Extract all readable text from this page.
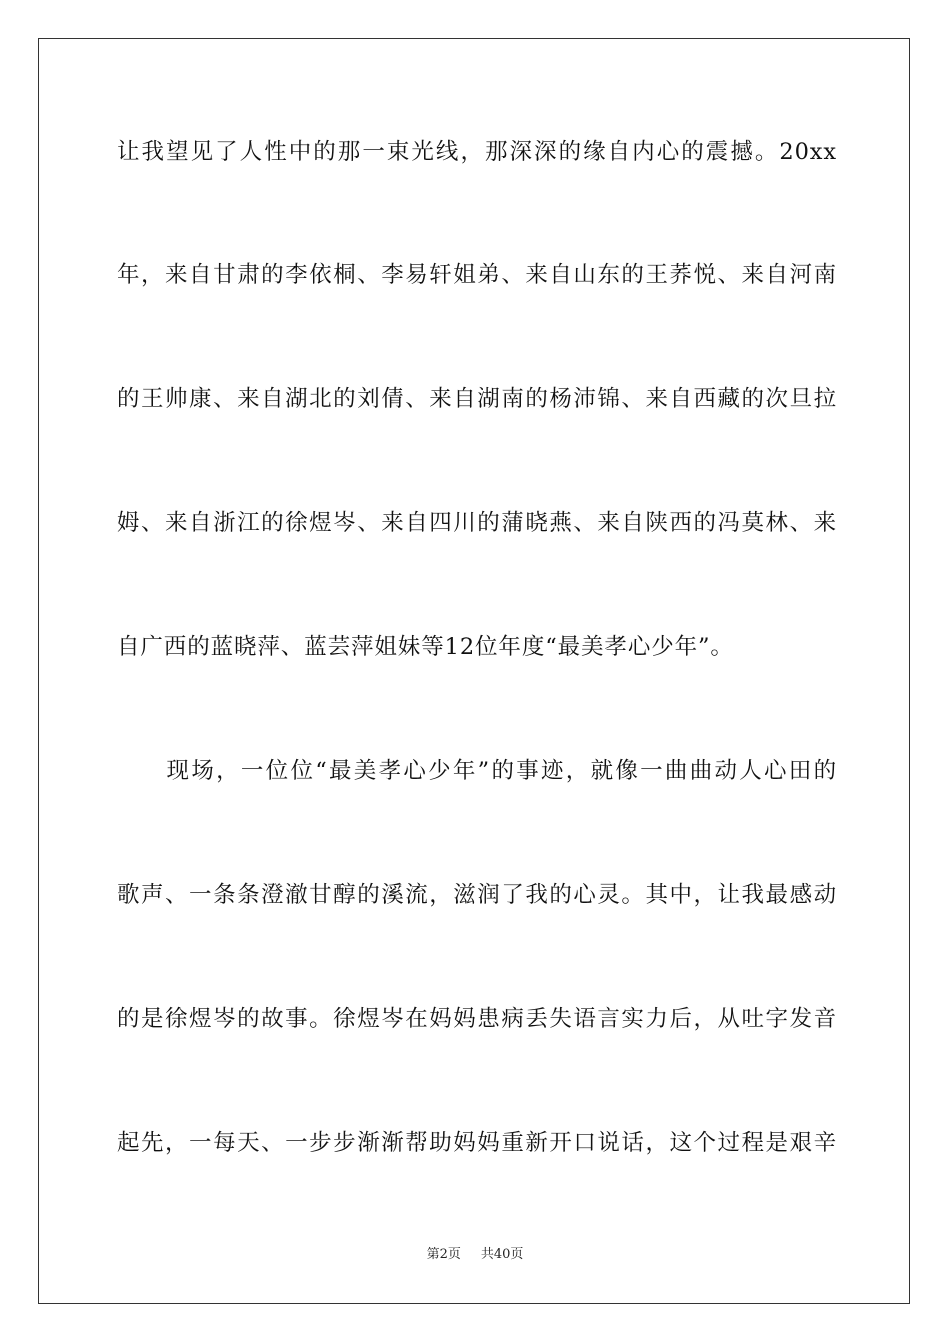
让我望见了人性中的那一束光线，那深深的缘自内心的震撼。20xx
年，来自甘肃的李依桐、李易轩姐弟、来自山东的王荞悦、来自河南
的王帅康、来自湖北的刘倩、来自湖南的杨沛锦、来自西藏的次旦拉
姆、来自浙江的徐煜岑、来自四川的蒲晓燕、来自陕西的冯莫林、来
自广西的蓝晓萍、蓝芸萍姐妹等12位年度“最美孝心少年”。
　　现场，一位位“最美孝心少年”的事迹，就像一曲曲动人心田的
歌声、一条条澄澈甘醇的溪流，滋润了我的心灵。其中，让我最感动
的是徐煜岑的故事。徐煜岑在妈妈患病丢失语言实力后，从吐字发音
起先，一每天、一步步渐渐帮助妈妈重新开口说话，这个过程是艰辛
第2页 共40页
